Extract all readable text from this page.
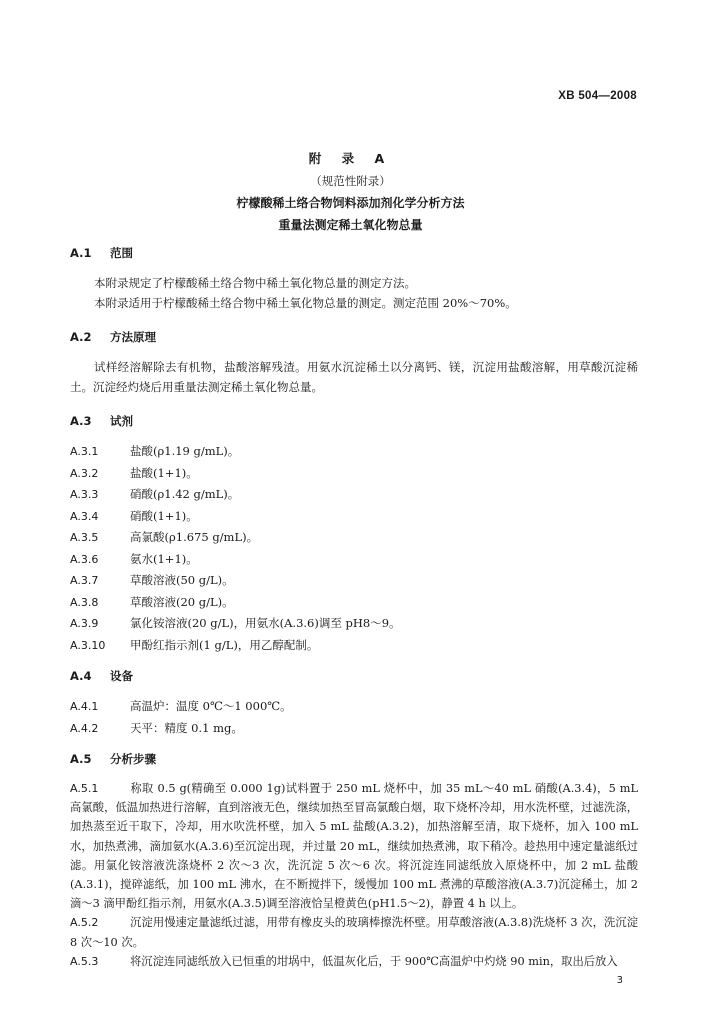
XB 504—2008
附 录 A
（规范性附录）
柠檬酸稀土络合物饲料添加剂化学分析方法
重量法测定稀土氧化物总量
A.1 范围

本附录规定了柠檬酸稀土络合物中稀土氧化物总量的测定方法。

本附录适用于柠檬酸稀土络合物中稀土氧化物总量的测定。测定范围 20%～70%。

A.2 方法原理

试样经溶解除去有机物，盐酸溶解残渣。用氨水沉淀稀土以分离钙、镁，沉淀用盐酸溶解，用草酸沉淀稀土。沉淀经灼烧后用重量法测定稀土氧化物总量。

A.3 试剂
A.3.1	盐酸(ρ1.19 g/mL)。
A.3.2	盐酸(1+1)。
A.3.3	硝酸(ρ1.42 g/mL)。
A.3.4	硝酸(1+1)。
A.3.5	高氯酸(ρ1.675 g/mL)。
A.3.6	氨水(1+1)。
A.3.7	草酸溶液(50 g/L)。
A.3.8	草酸溶液(20 g/L)。
A.3.9	氯化铵溶液(20 g/L)，用氨水(A.3.6)调至 pH8～9。
A.3.10 甲酚红指示剂(1 g/L)，用乙醇配制。
A.4 设备
A.4.1	高温炉：温度 0℃～1 000℃。
A.4.2	天平：精度 0.1 mg。
A.5 分析步骤

A.5.1	称取 0.5 g(精确至 0.000 1g)试料置于 250 mL 烧杯中，加 35 mL～40 mL 硝酸(A.3.4)，5 mL 高氯酸，低温加热进行溶解，直到溶液无色，继续加热至冒高氯酸白烟，取下烧杯冷却，用水洗杯壁，过滤洗涤，加热蒸至近干取下，冷却，用水吹洗杯壁，加入 5 mL 盐酸(A.3.2)，加热溶解至清，取下烧杯，加入 100 mL 水，加热煮沸，滴加氨水(A.3.6)至沉淀出现，并过量 20 mL，继续加热煮沸，取下稍冷。趁热用中速定量滤纸过滤。用氯化铵溶液洗涤烧杯 2 次～3 次，洗沉淀 5 次～6 次。将沉淀连同滤纸放入原烧杯中，加 2 mL 盐酸(A.3.1)，搅碎滤纸，加 100 mL 沸水，在不断搅拌下，缓慢加 100 mL 煮沸的草酸溶液(A.3.7)沉淀稀土，加 2 滴～3 滴甲酚红指示剂，用氨水(A.3.5)调至溶液恰呈橙黄色(pH1.5～2)，静置 4 h 以上。

A.5.2	沉淀用慢速定量滤纸过滤，用带有橡皮头的玻璃棒擦洗杯壁。用草酸溶液(A.3.8)洗烧杯 3 次，洗沉淀 8 次～10 次。

A.5.3	将沉淀连同滤纸放入已恒重的坩埚中，低温灰化后，于 900℃高温炉中灼烧 90 min，取出后放入

3
